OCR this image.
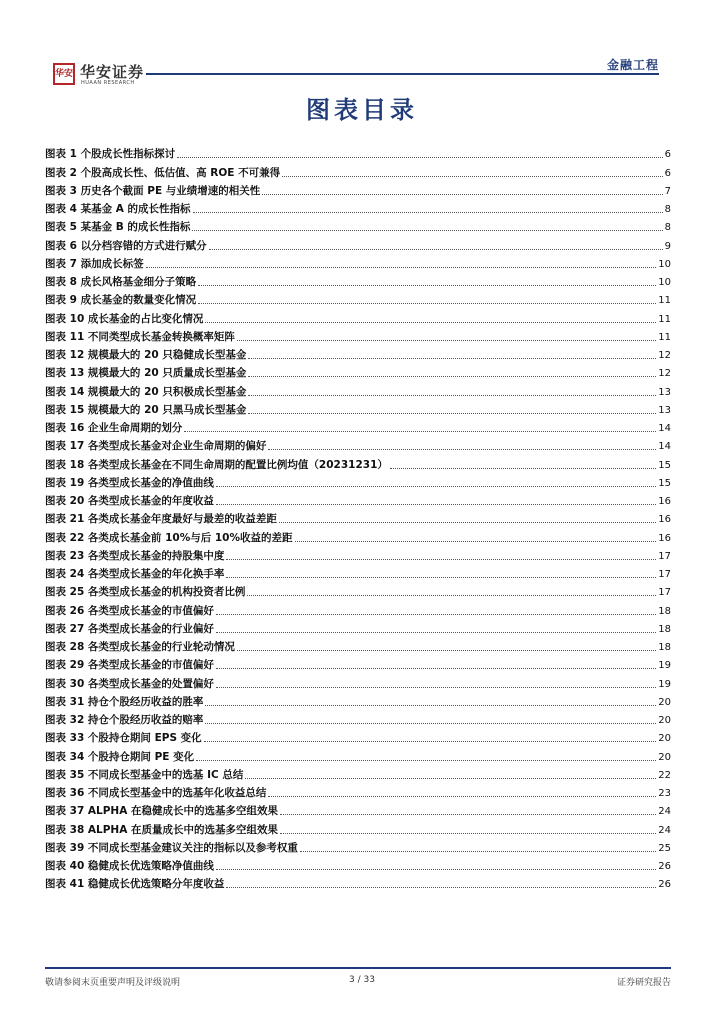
华安 华安证券
HUAAN RESEARCH
金融工程
图表目录
图表 1 个股成长性指标探讨	6
图表 2 个股高成长性、低估值、高 ROE 不可兼得	6
图表 3 历史各个截面 PE 与业绩增速的相关性	7
图表 4 某基金 A 的成长性指标	8
图表 5 某基金 B 的成长性指标	8
图表 6 以分档容错的方式进行赋分	9
图表 7 添加成长标签	10
图表 8 成长风格基金细分子策略	10
图表 9 成长基金的数量变化情况	11
图表 10 成长基金的占比变化情况	11
图表 11 不同类型成长基金转换概率矩阵	11
图表 12 规模最大的 20 只稳健成长型基金	12
图表 13 规模最大的 20 只质量成长型基金	12
图表 14 规模最大的 20 只积极成长型基金	13
图表 15 规模最大的 20 只黑马成长型基金	13
图表 16 企业生命周期的划分	14
图表 17 各类型成长基金对企业生命周期的偏好	14
图表 18 各类型成长基金在不同生命周期的配置比例均值（20231231）	15
图表 19 各类型成长基金的净值曲线	15
图表 20 各类型成长基金的年度收益	16
图表 21 各类成长基金年度最好与最差的收益差距	16
图表 22 各类成长基金前 10%与后 10%收益的差距	16
图表 23 各类型成长基金的持股集中度	17
图表 24 各类型成长基金的年化换手率	17
图表 25 各类型成长基金的机构投资者比例	17
图表 26 各类型成长基金的市值偏好	18
图表 27 各类型成长基金的行业偏好	18
图表 28 各类型成长基金的行业轮动情况	18
图表 29 各类型成长基金的市值偏好	19
图表 30 各类型成长基金的处置偏好	19
图表 31 持仓个股经历收益的胜率	20
图表 32 持仓个股经历收益的赔率	20
图表 33 个股持仓期间 EPS 变化	20
图表 34 个股持仓期间 PE 变化	20
图表 35 不同成长型基金中的选基 IC 总结	22
图表 36 不同成长型基金中的选基年化收益总结	23
图表 37 ALPHA 在稳健成长中的选基多空组效果	24
图表 38 ALPHA 在质量成长中的选基多空组效果	24
图表 39 不同成长型基金建议关注的指标以及参考权重	25
图表 40 稳健成长优选策略净值曲线	26
图表 41 稳健成长优选策略分年度收益	26
敬请参阅末页重要声明及评级说明	3 / 33	证券研究报告
